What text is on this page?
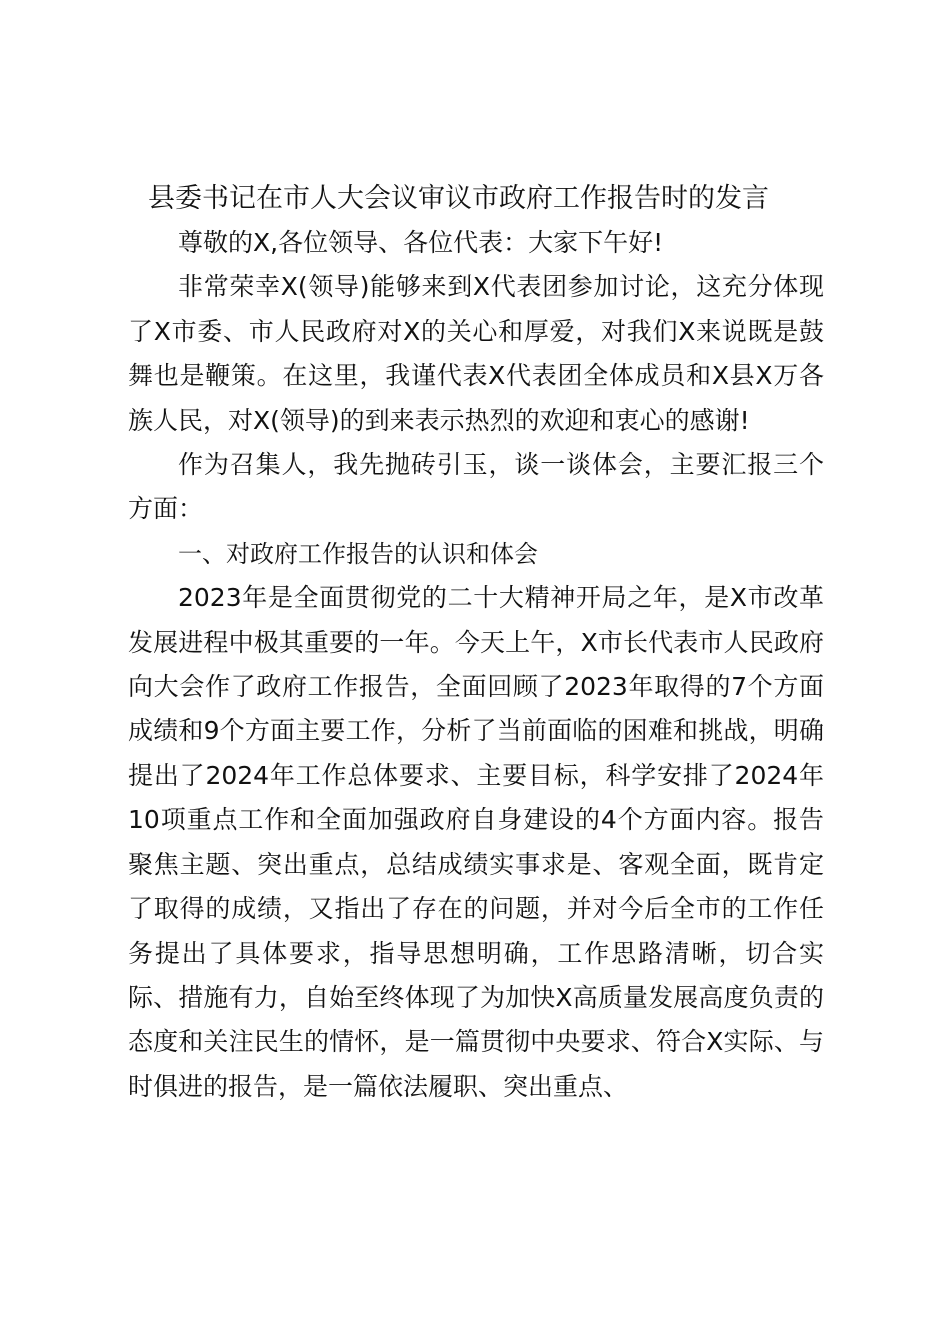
县委书记在市人大会议审议市政府工作报告时的发言

尊敬的X,各位领导、各位代表：大家下午好!

非常荣幸X(领导)能够来到X代表团参加讨论，这充分体现了X市委、市人民政府对X的关心和厚爱，对我们X来说既是鼓舞也是鞭策。在这里，我谨代表X代表团全体成员和X县X万各族人民，对X(领导)的到来表示热烈的欢迎和衷心的感谢!

作为召集人，我先抛砖引玉，谈一谈体会，主要汇报三个方面：

一、对政府工作报告的认识和体会

2023年是全面贯彻党的二十大精神开局之年，是X市改革发展进程中极其重要的一年。今天上午，X市长代表市人民政府向大会作了政府工作报告，全面回顾了2023年取得的7个方面成绩和9个方面主要工作，分析了当前面临的困难和挑战，明确提出了2024年工作总体要求、主要目标，科学安排了2024年10项重点工作和全面加强政府自身建设的4个方面内容。报告聚焦主题、突出重点，总结成绩实事求是、客观全面，既肯定了取得的成绩，又指出了存在的问题，并对今后全市的工作任务提出了具体要求，指导思想明确，工作思路清晰，切合实际、措施有力，自始至终体现了为加快X高质量发展高度负责的态度和关注民生的情怀，是一篇贯彻中央要求、符合X实际、与时俱进的报告，是一篇依法履职、突出重点、
